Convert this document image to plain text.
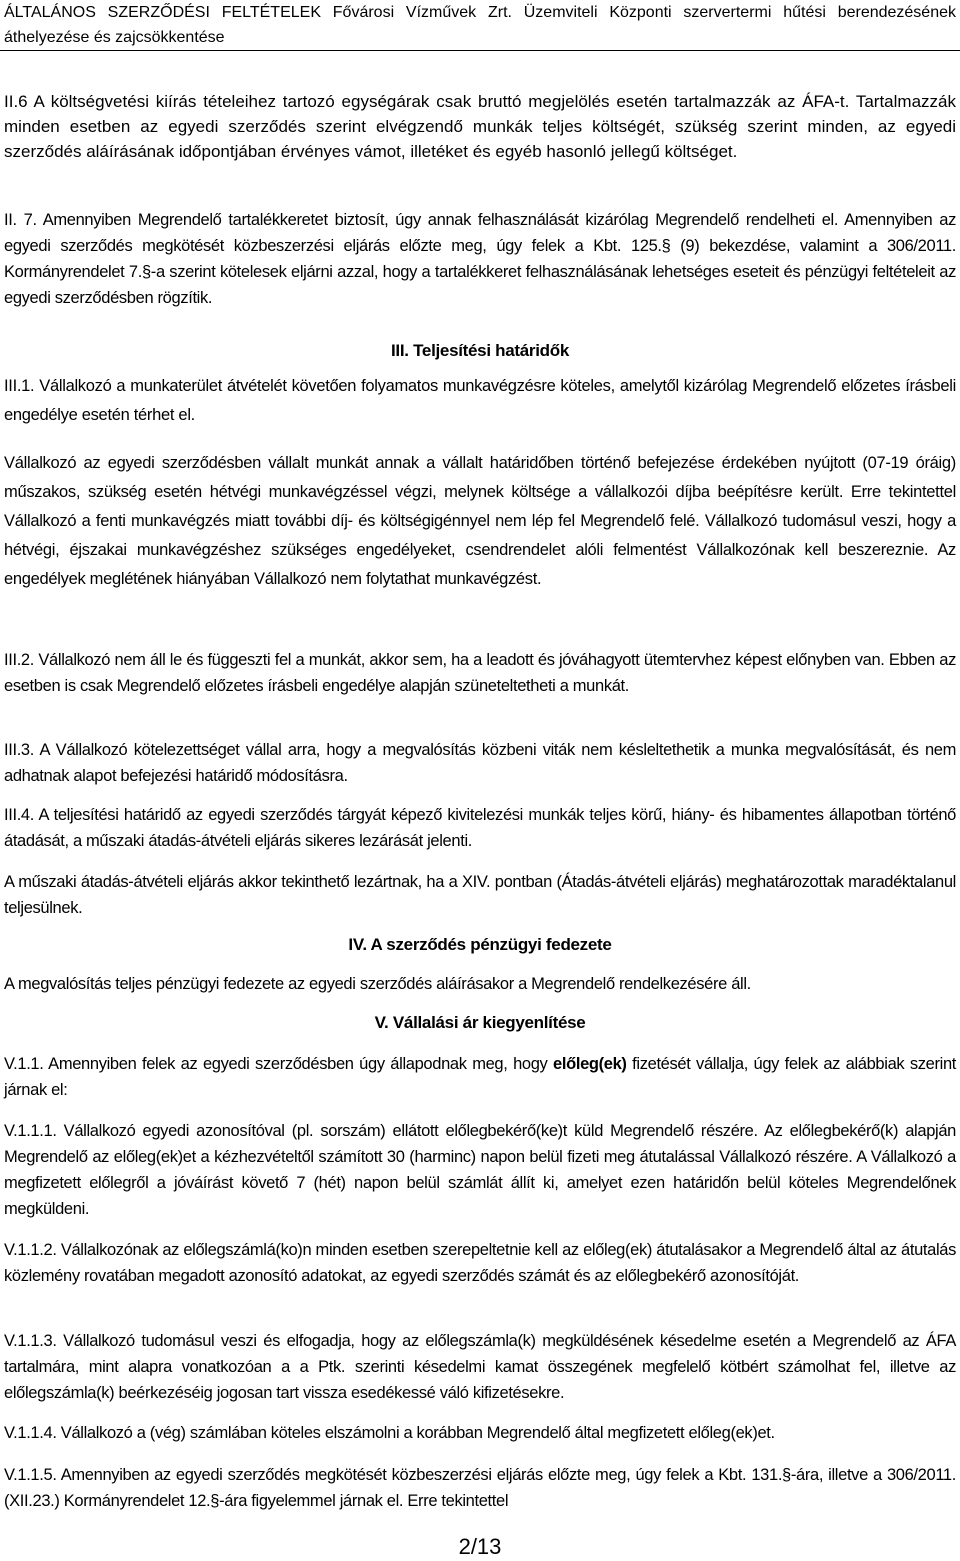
ÁLTALÁNOS SZERZŐDÉSI FELTÉTELEK Fővárosi Vízművek Zrt. Üzemviteli Központi szervertermi hűtési berendezésének áthelyezése és zajcsökkentése

II.6 A költségvetési kiírás tételeihez tartozó egységárak csak bruttó megjelölés esetén tartalmazzák az ÁFA-t. Tartalmazzák minden esetben az egyedi szerződés szerint elvégzendő munkák teljes költségét, szükség szerint minden, az egyedi szerződés aláírásának időpontjában érvényes vámot, illetéket és egyéb hasonló jellegű költséget.

II. 7. Amennyiben Megrendelő tartalékkeretet biztosít, úgy annak felhasználását kizárólag Megrendelő rendelheti el. Amennyiben az egyedi szerződés megkötését közbeszerzési eljárás előzte meg, úgy felek a Kbt. 125.§ (9) bekezdése, valamint a 306/2011. Kormányrendelet 7.§-a szerint kötelesek eljárni azzal, hogy a tartalékkeret felhasználásának lehetséges eseteit és pénzügyi feltételeit az egyedi szerződésben rögzítik.

III. Teljesítési határidők

III.1. Vállalkozó a munkaterület átvételét követően folyamatos munkavégzésre köteles, amelytől kizárólag Megrendelő előzetes írásbeli engedélye esetén térhet el.

Vállalkozó az egyedi szerződésben vállalt munkát annak a vállalt határidőben történő befejezése érdekében nyújtott (07-19 óráig) műszakos, szükség esetén hétvégi munkavégzéssel végzi, melynek költsége a vállalkozói díjba beépítésre került. Erre tekintettel Vállalkozó a fenti munkavégzés miatt további díj- és költségigénnyel nem lép fel Megrendelő felé. Vállalkozó tudomásul veszi, hogy a hétvégi, éjszakai munkavégzéshez szükséges engedélyeket, csendrendelet alóli felmentést Vállalkozónak kell beszereznie. Az engedélyek meglétének hiányában Vállalkozó nem folytathat munkavégzést.

III.2. Vállalkozó nem áll le és függeszti fel a munkát, akkor sem, ha a leadott és jóváhagyott ütemtervhez képest előnyben van. Ebben az esetben is csak Megrendelő előzetes írásbeli engedélye alapján szüneteltetheti a munkát.

III.3. A Vállalkozó kötelezettséget vállal arra, hogy a megvalósítás közbeni viták nem késleltethetik a munka megvalósítását, és nem adhatnak alapot befejezési határidő módosításra.

III.4. A teljesítési határidő az egyedi szerződés tárgyát képező kivitelezési munkák teljes körű, hiány- és hibamentes állapotban történő átadását, a műszaki átadás-átvételi eljárás sikeres lezárását jelenti.

A műszaki átadás-átvételi eljárás akkor tekinthető lezártnak, ha a XIV. pontban (Átadás-átvételi eljárás) meghatározottak maradéktalanul teljesülnek.

IV. A szerződés pénzügyi fedezete

A megvalósítás teljes pénzügyi fedezete az egyedi szerződés aláírásakor a Megrendelő rendelkezésére áll.

V. Vállalási ár kiegyenlítése

V.1.1. Amennyiben felek az egyedi szerződésben úgy állapodnak meg, hogy előleg(ek) fizetését vállalja, úgy felek az alábbiak szerint járnak el:

V.1.1.1. Vállalkozó egyedi azonosítóval (pl. sorszám) ellátott előlegbekérő(ke)t küld Megrendelő részére. Az előlegbekérő(k) alapján Megrendelő az előleg(ek)et a kézhezvételtől számított 30 (harminc) napon belül fizeti meg átutalással Vállalkozó részére. A Vállalkozó a megfizetett előlegről a jóváírást követő 7 (hét) napon belül számlát állít ki, amelyet ezen határidőn belül köteles Megrendelőnek megküldeni.

V.1.1.2. Vállalkozónak az előlegszámlá(ko)n minden esetben szerepeltetnie kell az előleg(ek) átutalásakor a Megrendelő által az átutalás közlemény rovatában megadott azonosító adatokat, az egyedi szerződés számát és az előlegbekérő azonosítóját.

V.1.1.3. Vállalkozó tudomásul veszi és elfogadja, hogy az előlegszámla(k) megküldésének késedelme esetén a Megrendelő az ÁFA tartalmára, mint alapra vonatkozóan a a Ptk. szerinti késedelmi kamat összegének megfelelő kötbért számolhat fel, illetve az előlegszámla(k) beérkezéséig jogosan tart vissza esedékessé váló kifizetésekre.

V.1.1.4. Vállalkozó a (vég) számlában köteles elszámolni a korábban Megrendelő által megfizetett előleg(ek)et.

V.1.1.5. Amennyiben az egyedi szerződés megkötését közbeszerzési eljárás előzte meg, úgy felek a Kbt. 131.§-ára, illetve a 306/2011. (XII.23.) Kormányrendelet 12.§-ára figyelemmel járnak el. Erre tekintettel

2/13
